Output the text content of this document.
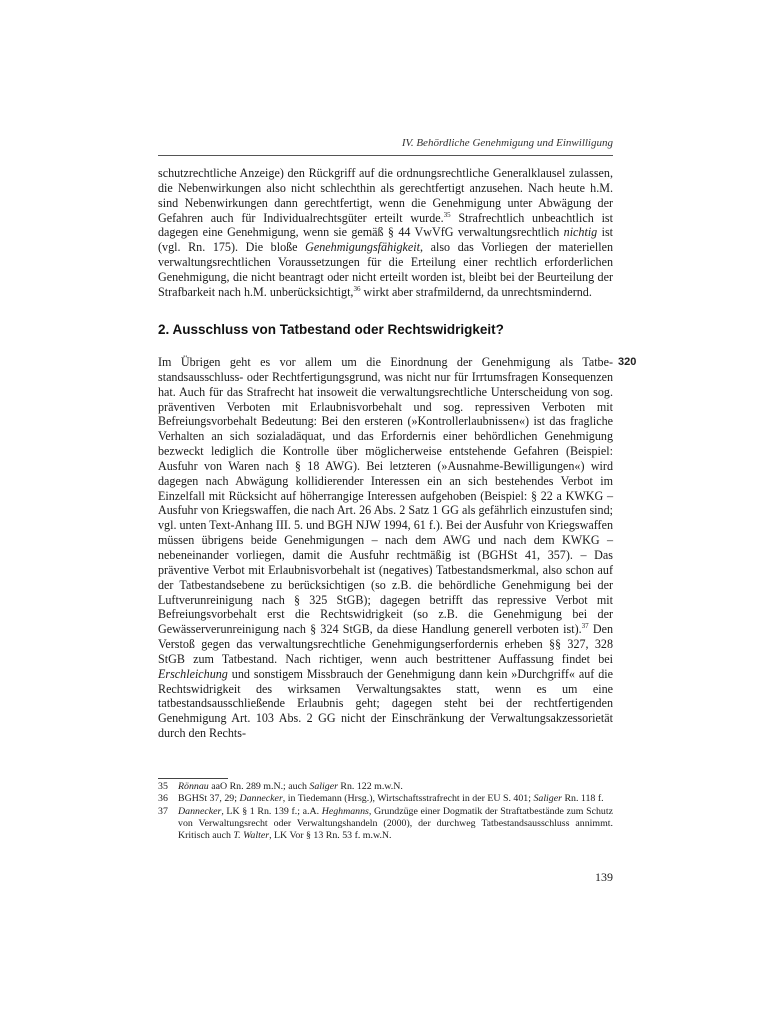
IV. Behördliche Genehmigung und Einwilligung

schutzrechtliche Anzeige) den Rückgriff auf die ordnungsrechtliche Generalklausel zulassen, die Nebenwirkungen also nicht schlechthin als gerechtfertigt anzusehen. Nach heute h.M. sind Nebenwirkungen dann gerechtfertigt, wenn die Genehmigung unter Abwägung der Gefahren auch für Individualrechtsgüter erteilt wurde.$^{35}$ Strafrechtlich unbeachtlich ist dagegen eine Genehmigung, wenn sie gemäß § 44 VwVfG verwaltungsrechtlich nichtig ist (vgl. Rn. 175). Die bloße Genehmigungsfähigkeit, also das Vorliegen der materiellen verwaltungsrechtlichen Voraussetzungen für die Erteilung einer rechtlich erforderlichen Genehmigung, die nicht beantragt oder nicht erteilt worden ist, bleibt bei der Beurteilung der Strafbarkeit nach h.M. unberücksichtigt,$^{36}$ wirkt aber strafmildernd, da unrechtsmindernd.

2. Ausschluss von Tatbestand oder Rechtswidrigkeit?
320

Im Übrigen geht es vor allem um die Einordnung der Genehmigung als Tatbestandsausschluss- oder Rechtfertigungsgrund, was nicht nur für Irrtumsfragen Konsequenzen hat. Auch für das Strafrecht hat insoweit die verwaltungsrechtliche Unterscheidung von sog. präventiven Verboten mit Erlaubnisvorbehalt und sog. repressiven Verboten mit Befreiungsvorbehalt Bedeutung: Bei den ersteren (»Kontrollerlaubnissen«) ist das fragliche Verhalten an sich sozialadäquat, und das Erfordernis einer behördlichen Genehmigung bezweckt lediglich die Kontrolle über möglicherweise entstehende Gefahren (Beispiel: Ausfuhr von Waren nach § 18 AWG). Bei letzteren (»Ausnahme-Bewilligungen«) wird dagegen nach Abwägung kollidierender Interessen ein an sich bestehendes Verbot im Einzelfall mit Rücksicht auf höherrangige Interessen aufgehoben (Beispiel: § 22 a KWKG – Ausfuhr von Kriegswaffen, die nach Art. 26 Abs. 2 Satz 1 GG als gefährlich einzustufen sind; vgl. unten Text-Anhang III. 5. und BGH NJW 1994, 61 f.). Bei der Ausfuhr von Kriegswaffen müssen übrigens beide Genehmigungen – nach dem AWG und nach dem KWKG – nebeneinander vorliegen, damit die Ausfuhr rechtmäßig ist (BGHSt 41, 357). – Das präventive Verbot mit Erlaubnisvorbehalt ist (negatives) Tatbestandsmerkmal, also schon auf der Tatbestandsebene zu berücksichtigen (so z.B. die behördliche Genehmigung bei der Luftverunreinigung nach § 325 StGB); dagegen betrifft das repressive Verbot mit Befreiungsvorbehalt erst die Rechtswidrigkeit (so z.B. die Genehmigung bei der Gewässerverunreinigung nach § 324 StGB, da diese Handlung generell verboten ist).$^{37}$ Den Verstoß gegen das verwaltungsrechtliche Genehmigungserfordernis erheben §§ 327, 328 StGB zum Tatbestand. Nach richtiger, wenn auch bestrittener Auffassung findet bei Erschleichung und sonstigem Missbrauch der Genehmigung dann kein »Durchgriff« auf die Rechtswidrigkeit des wirksamen Verwaltungsaktes statt, wenn es um eine tatbestandsausschließende Erlaubnis geht; dagegen steht bei der rechtfertigenden Genehmigung Art. 103 Abs. 2 GG nicht der Einschränkung der Verwaltungsakzessorietät durch den Rechts-

35	Rönnau aaO Rn. 289 m.N.; auch Saliger Rn. 122 m.w.N.
36	BGHSt 37, 29; Dannecker, in Tiedemann (Hrsg.), Wirtschaftsstrafrecht in der EU S. 401; Saliger Rn. 118 f.
37	Dannecker, LK § 1 Rn. 139 f.; a.A. Heghmanns, Grundzüge einer Dogmatik der Straftatbestände zum Schutz von Verwaltungsrecht oder Verwaltungshandeln (2000), der durchweg Tatbestandsausschluss annimmt. Kritisch auch T. Walter, LK Vor § 13 Rn. 53 f. m.w.N.
139
